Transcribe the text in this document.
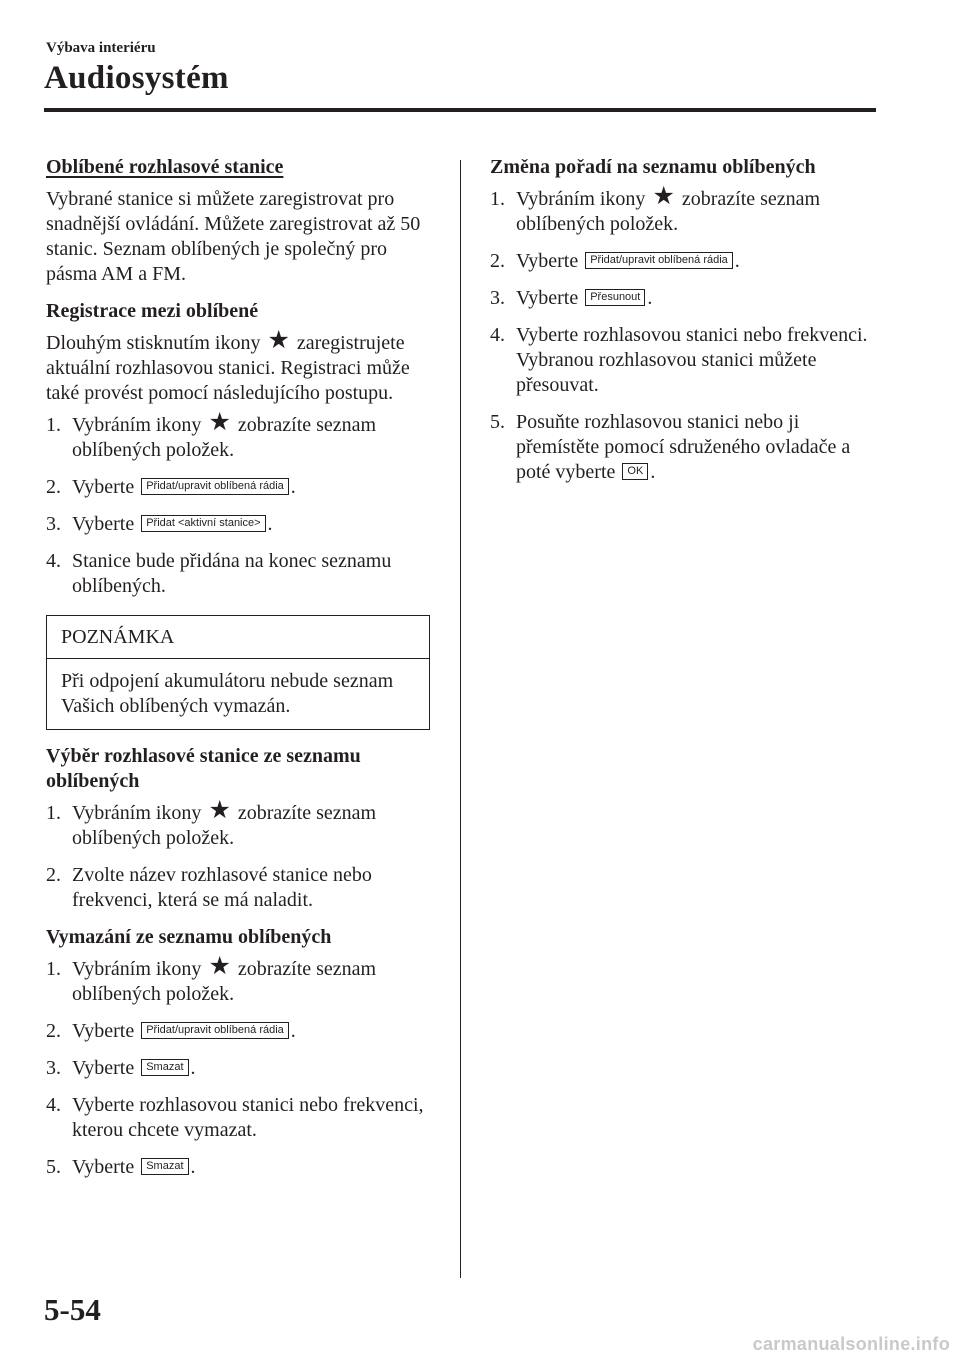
Výbava interiéru
Audiosystém
Oblíbené rozhlasové stanice

Vybrané stanice si můžete zaregistrovat pro snadnější ovládání. Můžete zaregistrovat až 50 stanic. Seznam oblíbených je společný pro pásma AM a FM.

Registrace mezi oblíbené

Dlouhým stisknutím ikony ★ zaregistrujete aktuální rozhlasovou stanici. Registraci může také provést pomocí následujícího postupu.

1. Vybráním ikony ★ zobrazíte seznam oblíbených položek.
2. Vyberte Přidat/upravit oblíbená rádia .
3. Vyberte Přidat <aktivní stanice> .
4. Stanice bude přidána na konec seznamu oblíbených.
POZNÁMKA
Při odpojení akumulátoru nebude seznam Vašich oblíbených vymazán.
Výběr rozhlasové stanice ze seznamu oblíbených
1. Vybráním ikony ★ zobrazíte seznam oblíbených položek.
2. Zvolte název rozhlasové stanice nebo frekvenci, která se má naladit.
Vymazání ze seznamu oblíbených
1. Vybráním ikony ★ zobrazíte seznam oblíbených položek.
2. Vyberte Přidat/upravit oblíbená rádia .
3. Vyberte Smazat .
4. Vyberte rozhlasovou stanici nebo frekvenci, kterou chcete vymazat.
5. Vyberte Smazat .
Změna pořadí na seznamu oblíbených
1. Vybráním ikony ★ zobrazíte seznam oblíbených položek.
2. Vyberte Přidat/upravit oblíbená rádia .
3. Vyberte Přesunout .
4. Vyberte rozhlasovou stanici nebo frekvenci. Vybranou rozhlasovou stanici můžete přesouvat.
5. Posuňte rozhlasovou stanici nebo ji přemístěte pomocí sdruženého ovladače a poté vyberte OK .
5-54
carmanualsonline.info
